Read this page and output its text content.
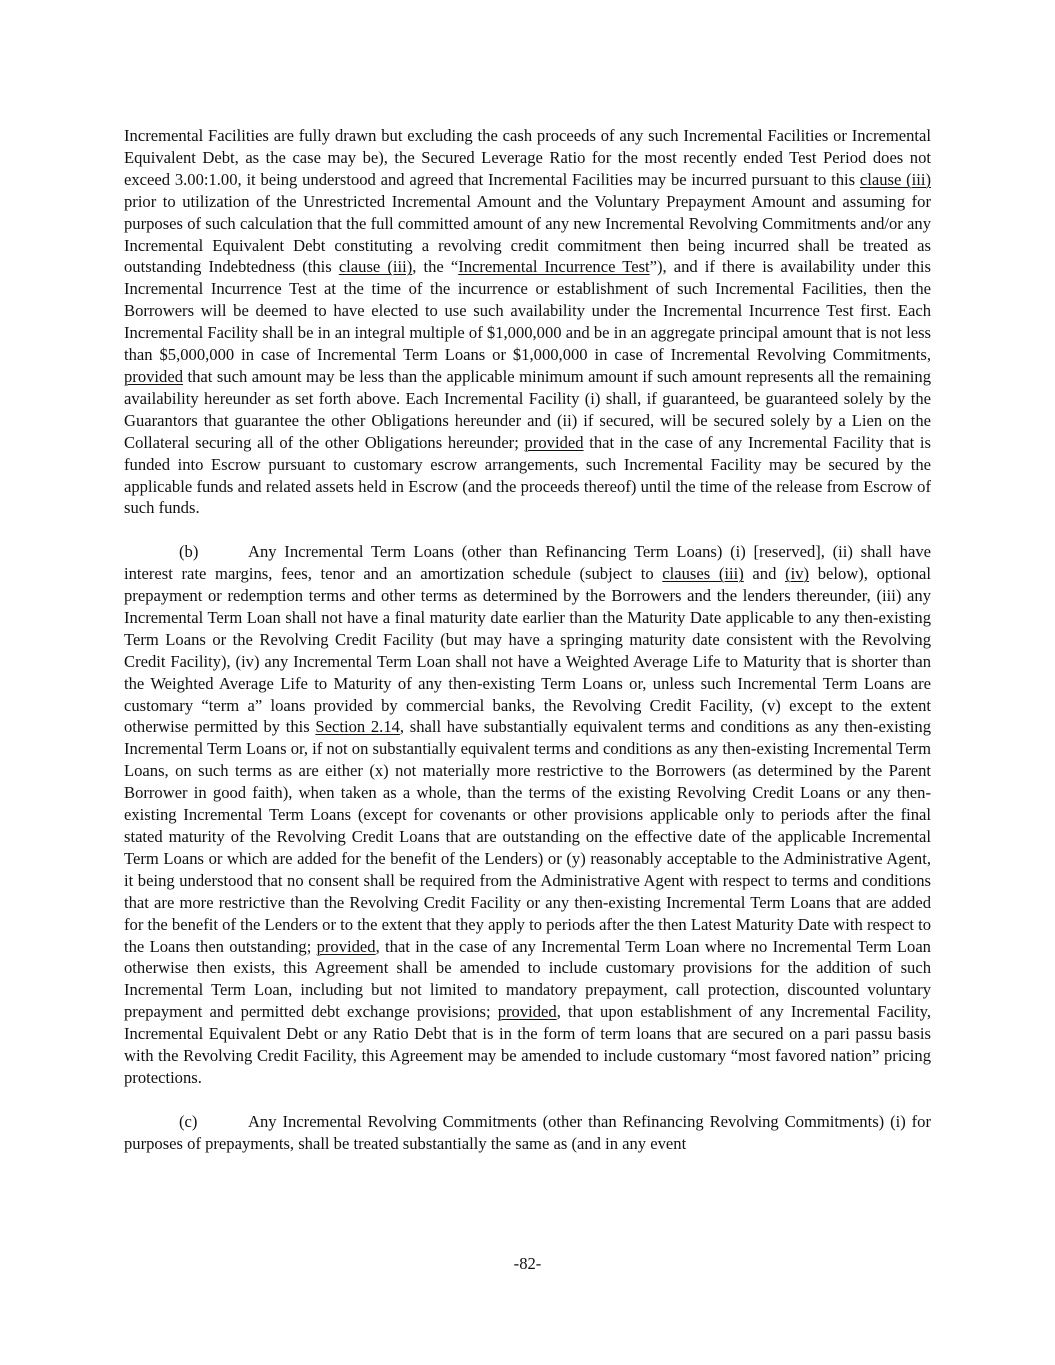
Incremental Facilities are fully drawn but excluding the cash proceeds of any such Incremental Facilities or Incremental Equivalent Debt, as the case may be), the Secured Leverage Ratio for the most recently ended Test Period does not exceed 3.00:1.00, it being understood and agreed that Incremental Facilities may be incurred pursuant to this clause (iii) prior to utilization of the Unrestricted Incremental Amount and the Voluntary Prepayment Amount and assuming for purposes of such calculation that the full committed amount of any new Incremental Revolving Commitments and/or any Incremental Equivalent Debt constituting a revolving credit commitment then being incurred shall be treated as outstanding Indebtedness (this clause (iii), the “Incremental Incurrence Test”), and if there is availability under this Incremental Incurrence Test at the time of the incurrence or establishment of such Incremental Facilities, then the Borrowers will be deemed to have elected to use such availability under the Incremental Incurrence Test first. Each Incremental Facility shall be in an integral multiple of $1,000,000 and be in an aggregate principal amount that is not less than $5,000,000 in case of Incremental Term Loans or $1,000,000 in case of Incremental Revolving Commitments, provided that such amount may be less than the applicable minimum amount if such amount represents all the remaining availability hereunder as set forth above. Each Incremental Facility (i) shall, if guaranteed, be guaranteed solely by the Guarantors that guarantee the other Obligations hereunder and (ii) if secured, will be secured solely by a Lien on the Collateral securing all of the other Obligations hereunder; provided that in the case of any Incremental Facility that is funded into Escrow pursuant to customary escrow arrangements, such Incremental Facility may be secured by the applicable funds and related assets held in Escrow (and the proceeds thereof) until the time of the release from Escrow of such funds.

(b)	Any Incremental Term Loans (other than Refinancing Term Loans) (i) [reserved], (ii) shall have interest rate margins, fees, tenor and an amortization schedule (subject to clauses (iii) and (iv) below), optional prepayment or redemption terms and other terms as determined by the Borrowers and the lenders thereunder, (iii) any Incremental Term Loan shall not have a final maturity date earlier than the Maturity Date applicable to any then-existing Term Loans or the Revolving Credit Facility (but may have a springing maturity date consistent with the Revolving Credit Facility), (iv) any Incremental Term Loan shall not have a Weighted Average Life to Maturity that is shorter than the Weighted Average Life to Maturity of any then-existing Term Loans or, unless such Incremental Term Loans are customary “term a” loans provided by commercial banks, the Revolving Credit Facility, (v) except to the extent otherwise permitted by this Section 2.14, shall have substantially equivalent terms and conditions as any then-existing Incremental Term Loans or, if not on substantially equivalent terms and conditions as any then-existing Incremental Term Loans, on such terms as are either (x) not materially more restrictive to the Borrowers (as determined by the Parent Borrower in good faith), when taken as a whole, than the terms of the existing Revolving Credit Loans or any then-existing Incremental Term Loans (except for covenants or other provisions applicable only to periods after the final stated maturity of the Revolving Credit Loans that are outstanding on the effective date of the applicable Incremental Term Loans or which are added for the benefit of the Lenders) or (y) reasonably acceptable to the Administrative Agent, it being understood that no consent shall be required from the Administrative Agent with respect to terms and conditions that are more restrictive than the Revolving Credit Facility or any then-existing Incremental Term Loans that are added for the benefit of the Lenders or to the extent that they apply to periods after the then Latest Maturity Date with respect to the Loans then outstanding; provided, that in the case of any Incremental Term Loan where no Incremental Term Loan otherwise then exists, this Agreement shall be amended to include customary provisions for the addition of such Incremental Term Loan, including but not limited to mandatory prepayment, call protection, discounted voluntary prepayment and permitted debt exchange provisions; provided, that upon establishment of any Incremental Facility, Incremental Equivalent Debt or any Ratio Debt that is in the form of term loans that are secured on a pari passu basis with the Revolving Credit Facility, this Agreement may be amended to include customary “most favored nation” pricing protections.

(c)	Any Incremental Revolving Commitments (other than Refinancing Revolving Commitments) (i) for purposes of prepayments, shall be treated substantially the same as (and in any event

-82-
